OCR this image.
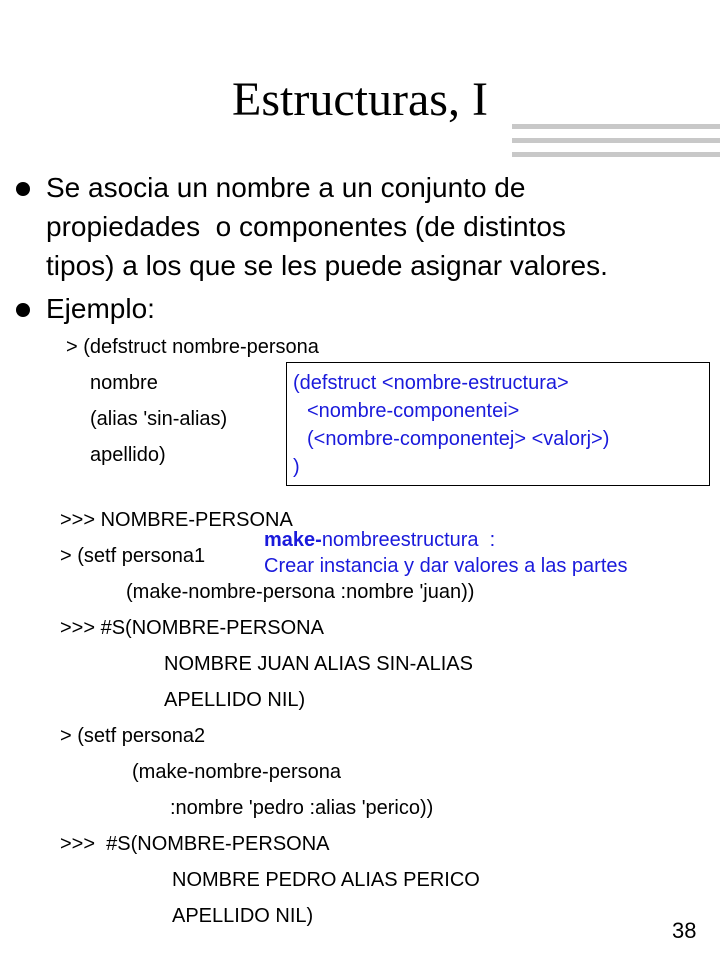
Estructuras, I
Se asocia un nombre a un conjunto de
propiedades  o componentes (de distintos
tipos) a los que se les puede asignar valores.
Ejemplo:
> (defstruct nombre-persona
nombre
(alias 'sin-alias)
apellido)
(defstruct <nombre-estructura>
<nombre-componentei>
(<nombre-componentej> <valorj>)
)
>>> NOMBRE-PERSONA
make-nombreestructura  :
Crear instancia y dar valores a las partes
> (setf persona1
(make-nombre-persona :nombre 'juan))
>>> #S(NOMBRE-PERSONA
NOMBRE JUAN ALIAS SIN-ALIAS
APELLIDO NIL)
> (setf persona2
(make-nombre-persona
:nombre 'pedro :alias 'perico))
>>>  #S(NOMBRE-PERSONA
NOMBRE PEDRO ALIAS PERICO
APELLIDO NIL)
38
